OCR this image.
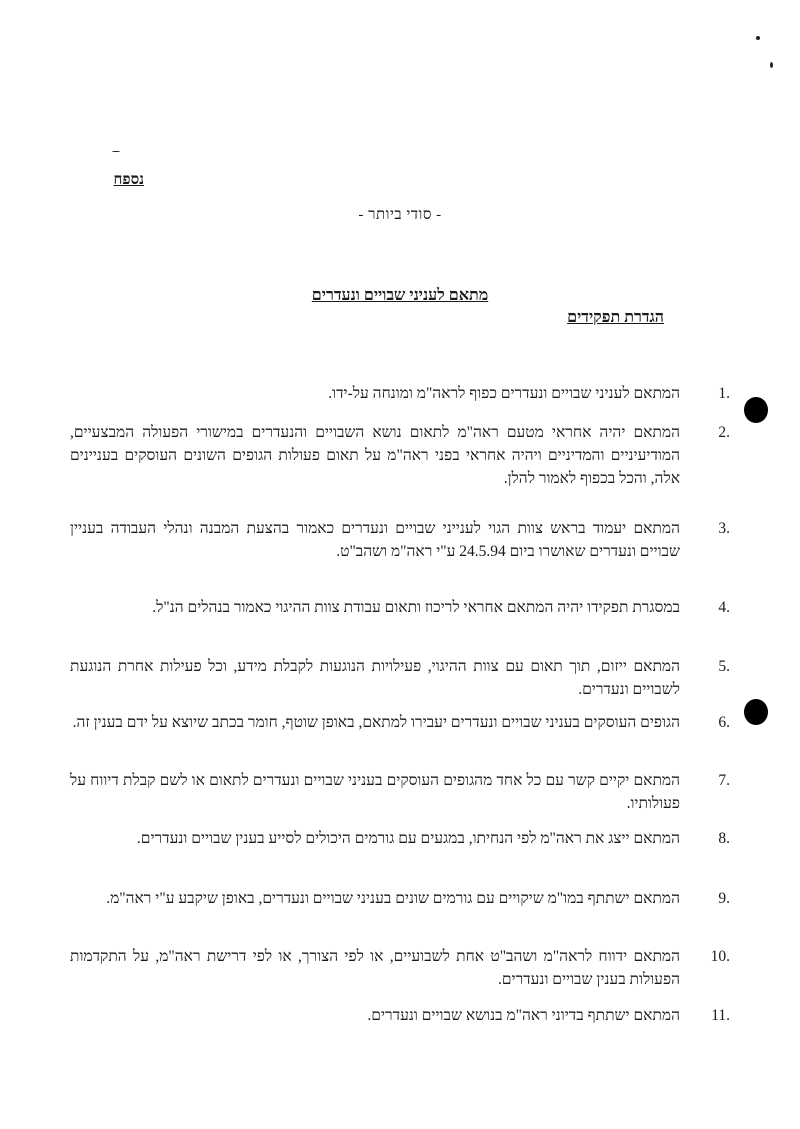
נספח
- סודי ביותר -
מתאם לעניני שבויים ונעדרים
הגדרת תפקידים
1.
המתאם לעניני שבויים ונעדרים כפוף לראה"מ ומונחה על-ידו.
2.
המתאם יהיה אחראי מטעם ראה"מ לתאום נושא השבויים והנעדרים במישורי הפעולה המבצעיים, המודיעיניים והמדיניים ויהיה אחראי בפני ראה"מ על תאום פעולות הגופים השונים העוסקים בעניינים אלה, והכל בכפוף לאמור להלן.
3.
המתאם יעמוד בראש צוות הגוי לענייני שבויים ונעדרים כאמור בהצעת המבנה ונהלי העבודה בעניין שבויים ונעדרים שאושרו ביום 24.5.94 ע"י ראה"מ ושהב"ט.
4.
במסגרת תפקידו יהיה המתאם אחראי לריכוז ותאום עבודת צוות ההיגוי כאמור בנהלים הנ"ל.
5.
המתאם ייזום, תוך תאום עם צוות ההיגוי, פעילויות הנוגעות לקבלת מידע, וכל פעילות אחרת הנוגעת לשבויים ונעדרים.
6.
הגופים העוסקים בעניני שבויים ונעדרים יעבירו למתאם, באופן שוטף, חומר בכתב שיוצא על ידם בענין זה.
7.
המתאם יקיים קשר עם כל אחד מהגופים העוסקים בעניני שבויים ונעדרים לתאום או לשם קבלת דיווח על פעולותיו.
8.
המתאם ייצג את ראה"מ לפי הנחיתו, במגעים עם גורמים היכולים לסייע בענין שבויים ונעדרים.
9.
המתאם ישתתף במו"מ שיקויים עם גורמים שונים בעניני שבויים ונעדרים, באופן שיקבע ע"י ראה"מ.
10.
המתאם ידווח לראה"מ ושהב"ט אחת לשבועיים, או לפי הצורך, או לפי דרישת ראה"מ, על התקדמות הפעולות בענין שבויים ונעדרים.
11.
המתאם ישתתף בדיוני ראה"מ בנושא שבויים ונעדרים.
